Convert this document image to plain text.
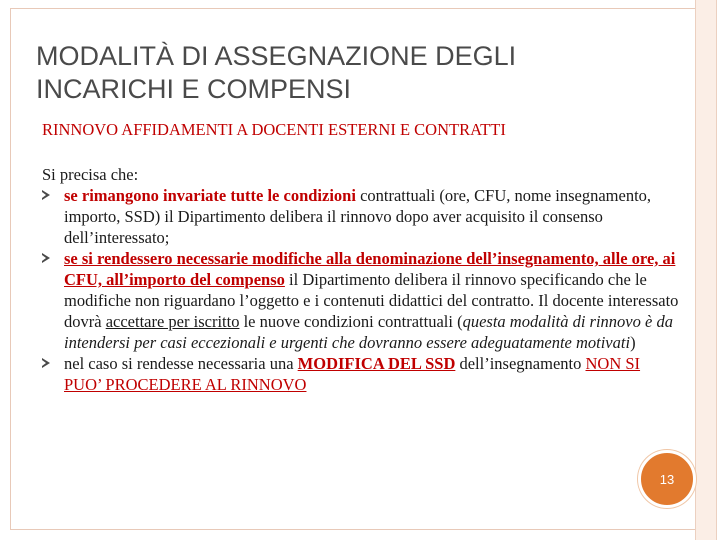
MODALITÀ DI ASSEGNAZIONE DEGLI INCARICHI E COMPENSI

RINNOVO AFFIDAMENTI A DOCENTI ESTERNI E CONTRATTI

Si precisa che:

se rimangono invariate tutte le condizioni contrattuali (ore, CFU, nome insegnamento, importo, SSD) il Dipartimento delibera il rinnovo dopo aver acquisito il consenso dell’interessato;
se si rendessero necessarie modifiche alla denominazione dell’insegnamento, alle ore, ai CFU, all’importo del compenso il Dipartimento delibera il rinnovo specificando che le modifiche non riguardano l’oggetto e i contenuti didattici del contratto. Il docente interessato dovrà accettare per iscritto le nuove condizioni contrattuali (questa modalità di rinnovo è da intendersi per casi eccezionali e urgenti che dovranno essere adeguatamente motivati)
nel caso si rendesse necessaria una MODIFICA DEL SSD dell’insegnamento NON SI PUO’ PROCEDERE AL RINNOVO
13
